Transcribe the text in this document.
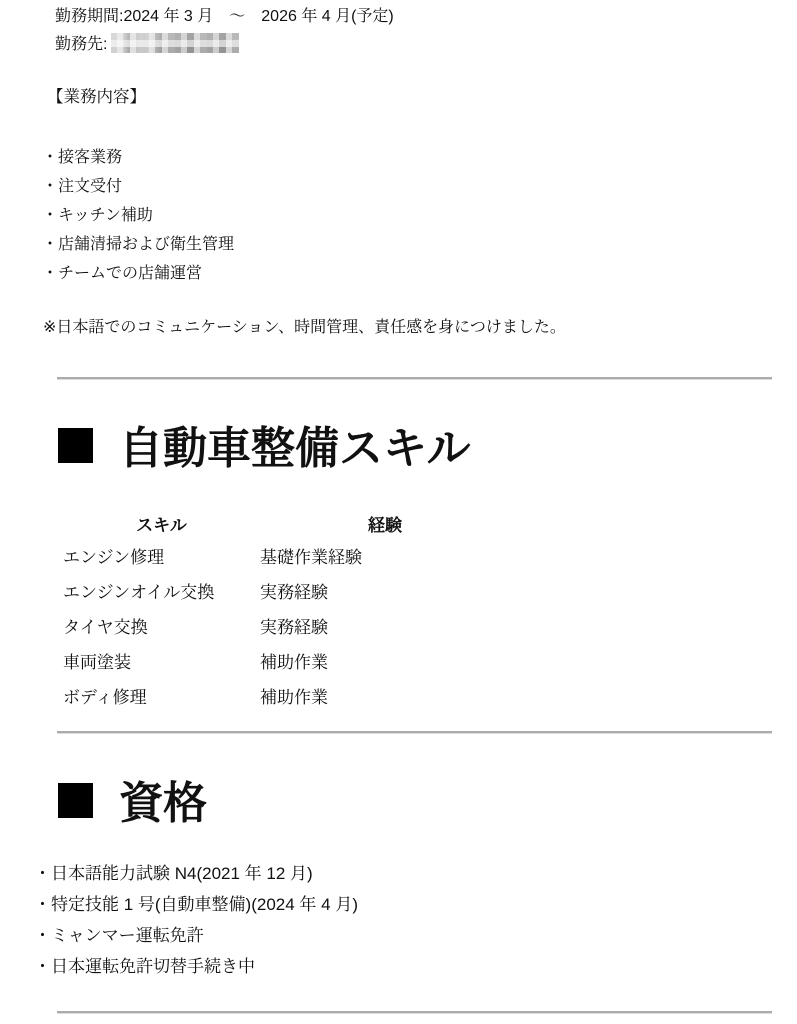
勤務期間:2024 年 3 月　～　2026 年 4 月(予定)

勤務先:

【業務内容】

・接客業務
・注文受付
・キッチン補助
・店舗清掃および衛生管理
・チームでの店舗運営

※日本語でのコミュニケーション、時間管理、責任感を身につけました。

自動車整備スキル
スキル	経験
エンジン修理	基礎作業経験
エンジンオイル交換	実務経験
タイヤ交換	実務経験
車両塗装	補助作業
ボディ修理	補助作業
資格
・日本語能力試験 N4(2021 年 12 月)
・特定技能 1 号(自動車整備)(2024 年 4 月)
・ミャンマー運転免許
・日本運転免許切替手続き中
